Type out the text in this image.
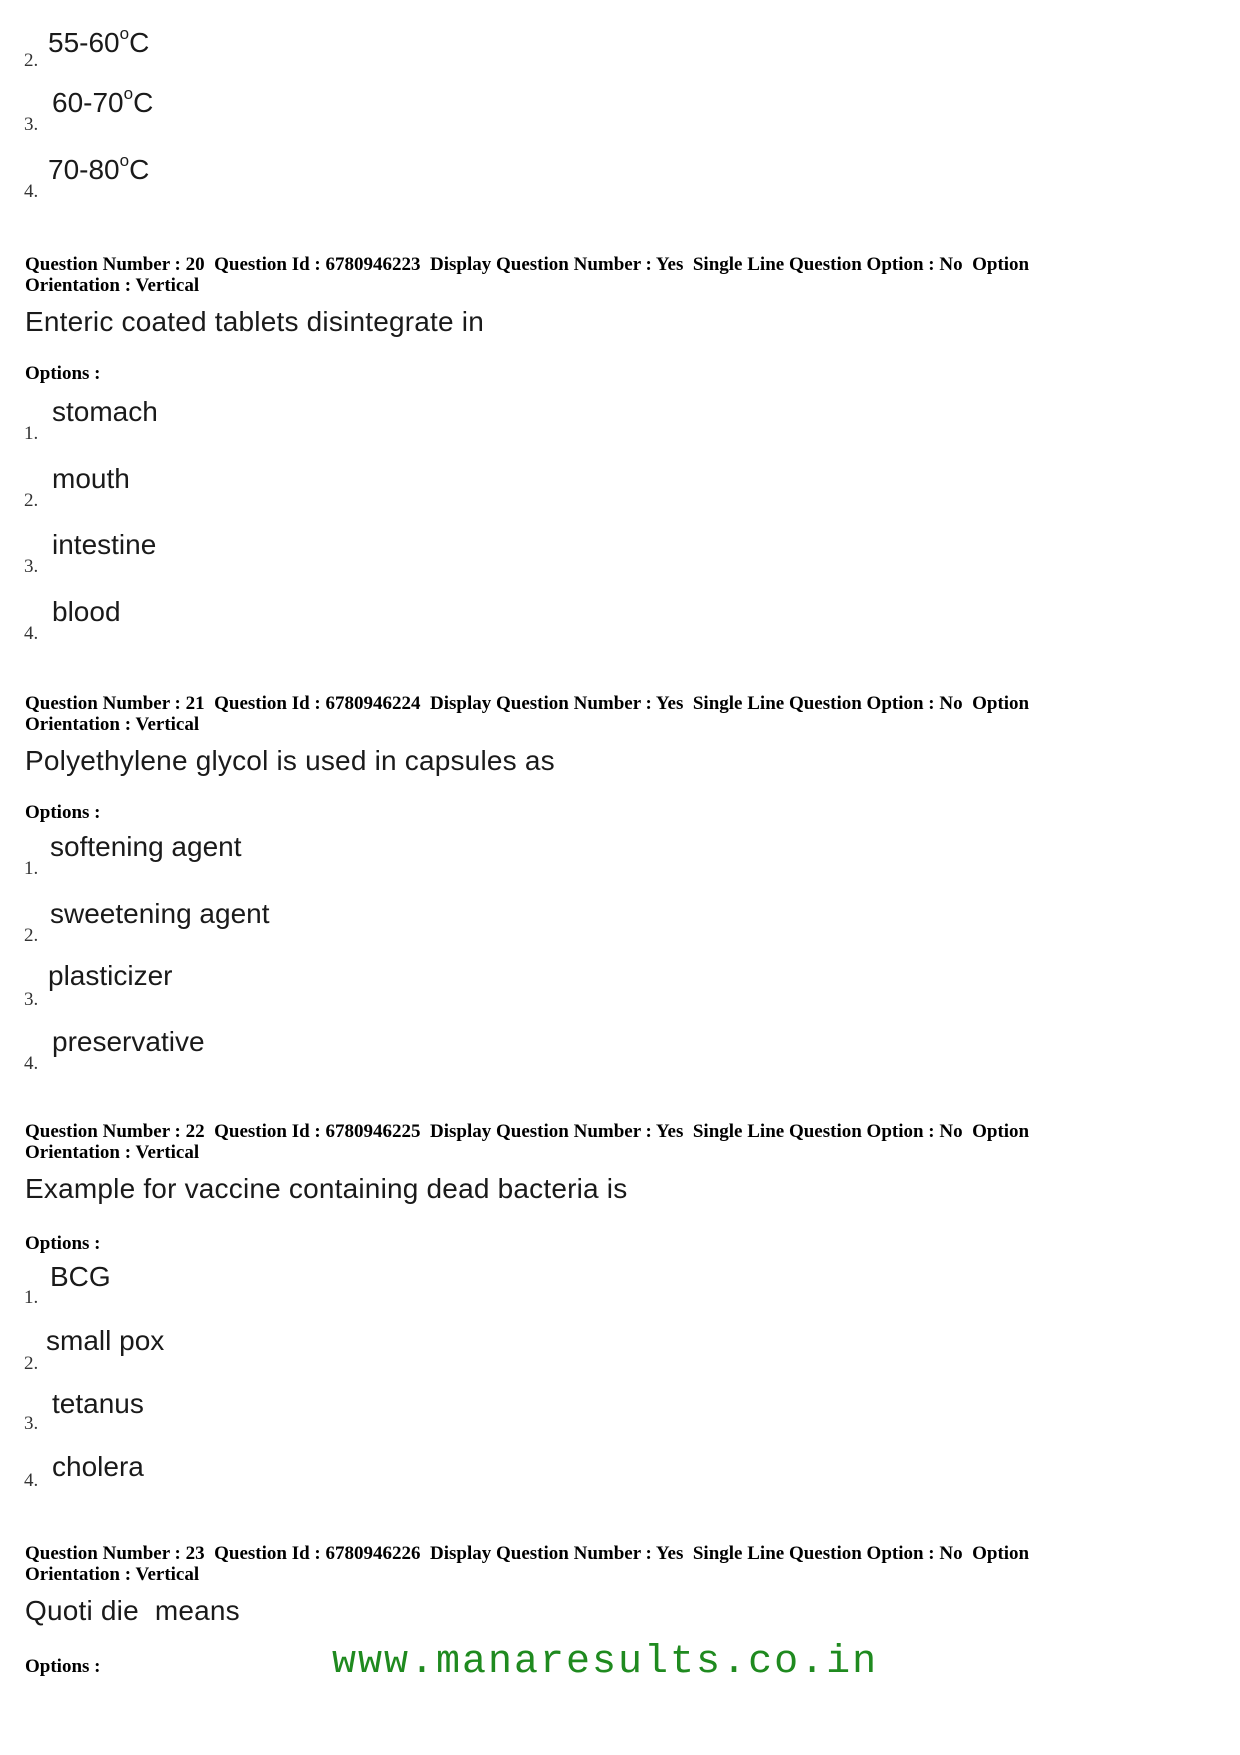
2.
55-60$^o$C
3.
60-70$^o$C
4.
70-80$^o$C
Question Number : 20  Question Id : 6780946223  Display Question Number : Yes  Single Line Question Option : No  Option
Orientation : Vertical
Enteric coated tablets disintegrate in
Options :
1.
stomach
2.
mouth
3.
intestine
4.
blood
Question Number : 21  Question Id : 6780946224  Display Question Number : Yes  Single Line Question Option : No  Option
Orientation : Vertical
Polyethylene glycol is used in capsules as
Options :
1.
softening agent
2.
sweetening agent
3.
plasticizer
4.
preservative
Question Number : 22  Question Id : 6780946225  Display Question Number : Yes  Single Line Question Option : No  Option
Orientation : Vertical
Example for vaccine containing dead bacteria is
Options :
1.
BCG
2.
small pox
3.
tetanus
4. cholera
Question Number : 23  Question Id : 6780946226  Display Question Number : Yes  Single Line Question Option : No  Option
Orientation : Vertical
Quoti die  means
Options :	www.manaresults.co.in
